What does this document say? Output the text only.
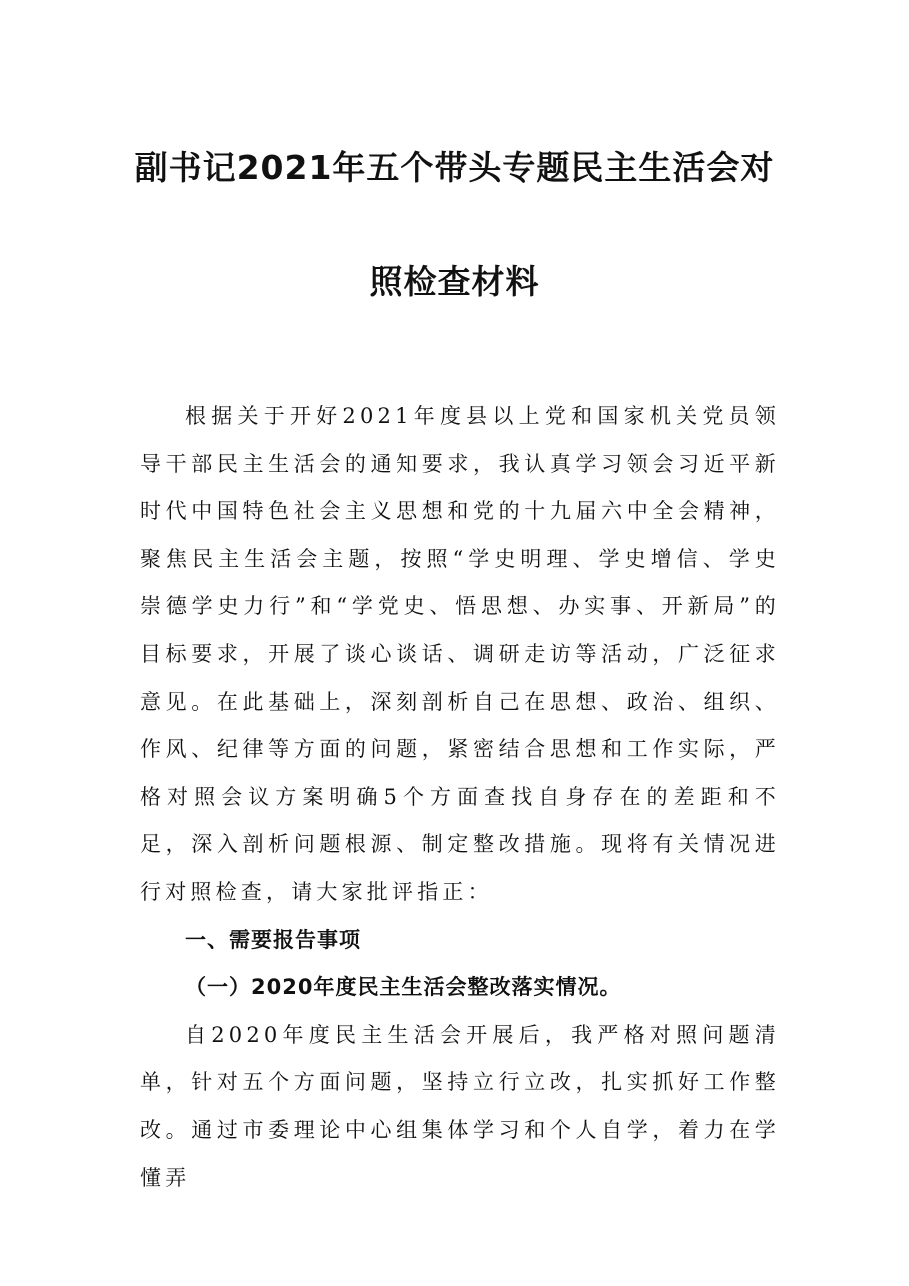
副书记2021年五个带头专题民主生活会对
照检查材料

根据关于开好2021年度县以上党和国家机关党员领导干部民主生活会的通知要求，我认真学习领会习近平新时代中国特色社会主义思想和党的十九届六中全会精神，聚焦民主生活会主题，按照“学史明理、学史增信、学史崇德学史力行”和“学党史、悟思想、办实事、开新局”的目标要求，开展了谈心谈话、调研走访等活动，广泛征求意见。在此基础上，深刻剖析自己在思想、政治、组织、作风、纪律等方面的问题，紧密结合思想和工作实际，严格对照会议方案明确5个方面查找自身存在的差距和不足，深入剖析问题根源、制定整改措施。现将有关情况进行对照检查，请大家批评指正：

一、需要报告事项

（一）2020年度民主生活会整改落实情况。

自2020年度民主生活会开展后，我严格对照问题清单，针对五个方面问题，坚持立行立改，扎实抓好工作整改。通过市委理论中心组集体学习和个人自学，着力在学懂弄
